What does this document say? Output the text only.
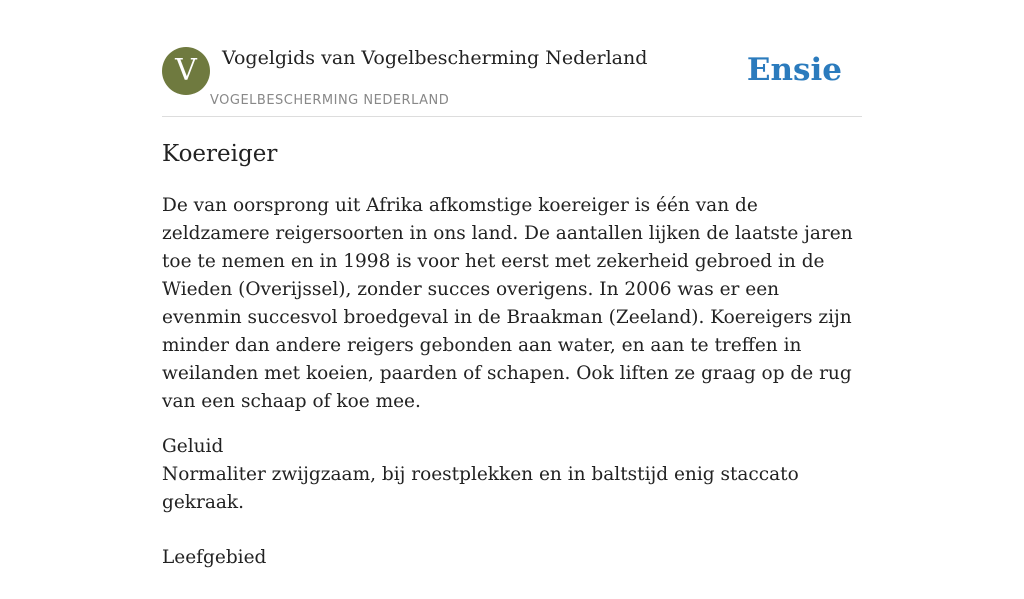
V	Vogelgids van Vogelbescherming Nederland
VOGELBESCHERMING NEDERLAND
Ensie
Koereiger

De van oorsprong uit Afrika afkomstige koereiger is één van de zeldzamere reigersoorten in ons land. De aantallen lijken de laatste jaren toe te nemen en in 1998 is voor het eerst met zekerheid gebroed in de Wieden (Overijssel), zonder succes overigens. In 2006 was er een evenmin succesvol broedgeval in de Braakman (Zeeland). Koereigers zijn minder dan andere reigers gebonden aan water, en aan te treffen in weilanden met koeien, paarden of schapen. Ook liften ze graag op de rug van een schaap of koe mee.

Geluid
Normaliter zwijgzaam, bij roestplekken en in baltstijd enig staccato gekraak.
Leefgebied
